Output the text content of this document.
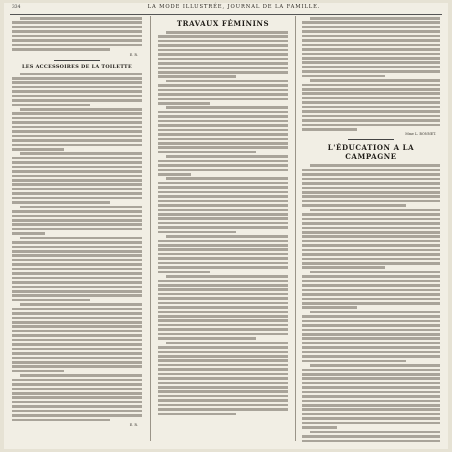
334	LA MODE ILLUSTRÉE, JOURNAL DE LA FAMILLE.
E. R.
LES ACCESSOIRES DE LA TOILETTE
E. R.
TRAVAUX FÉMININS
Mme L. BONNET.
L'ÉDUCATION A LA CAMPAGNE
